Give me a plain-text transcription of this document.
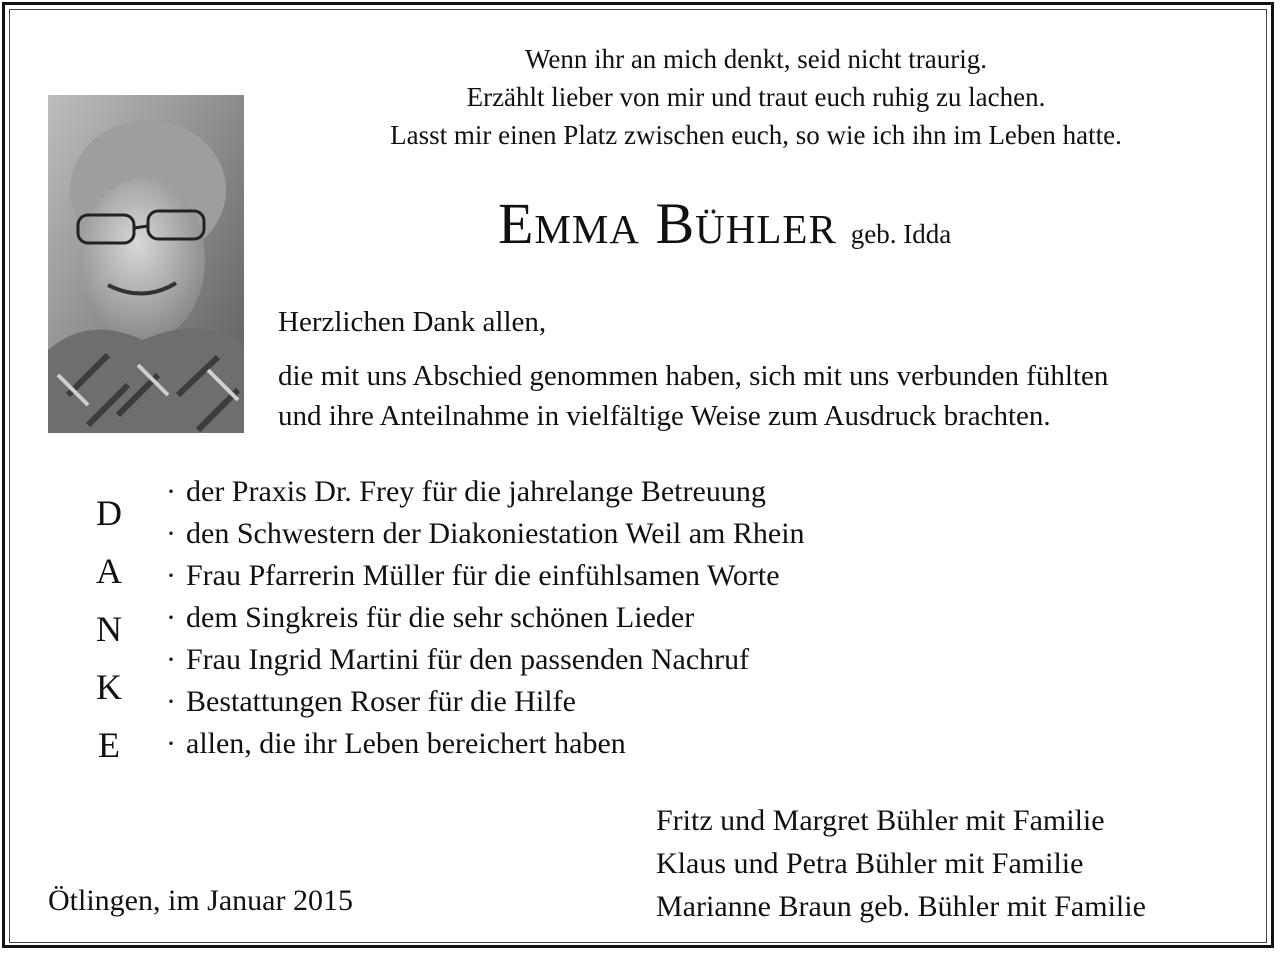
Wenn ihr an mich denkt, seid nicht traurig.
Erzählt lieber von mir und traut euch ruhig zu lachen.
Lasst mir einen Platz zwischen euch, so wie ich ihn im Leben hatte.
Emma Bühler geb. Idda
Herzlichen Dank allen,
die mit uns Abschied genommen haben, sich mit uns verbunden fühlten
und ihre Anteilnahme in vielfältige Weise zum Ausdruck brachten.
D
A
N
K
E
· der Praxis Dr. Frey für die jahrelange Betreuung
· den Schwestern der Diakoniestation Weil am Rhein
· Frau Pfarrerin Müller für die einfühlsamen Worte
· dem Singkreis für die sehr schönen Lieder
· Frau Ingrid Martini für den passenden Nachruf
· Bestattungen Roser für die Hilfe
· allen, die ihr Leben bereichert haben
Fritz und Margret Bühler mit Familie
Klaus und Petra Bühler mit Familie
Marianne Braun geb. Bühler mit Familie
Ötlingen, im Januar 2015
